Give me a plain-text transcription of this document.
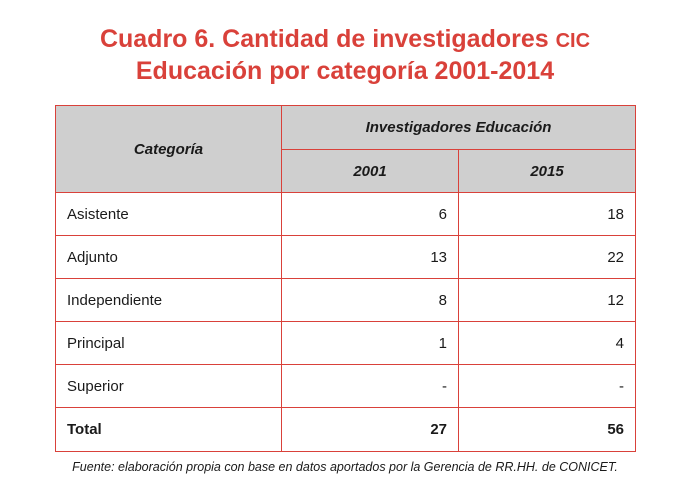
Cuadro 6. Cantidad de investigadores CIC
Educación por categoría 2001-2014
Categoría	Investigadores Educación	
	2001	2015
Asistente	6	18
Adjunto	13	22
Independiente	8	12
Principal	1	4
Superior	-	-
Total	27	56
Fuente: elaboración propia con base en datos aportados por la Gerencia de RR.HH. de CONICET.
